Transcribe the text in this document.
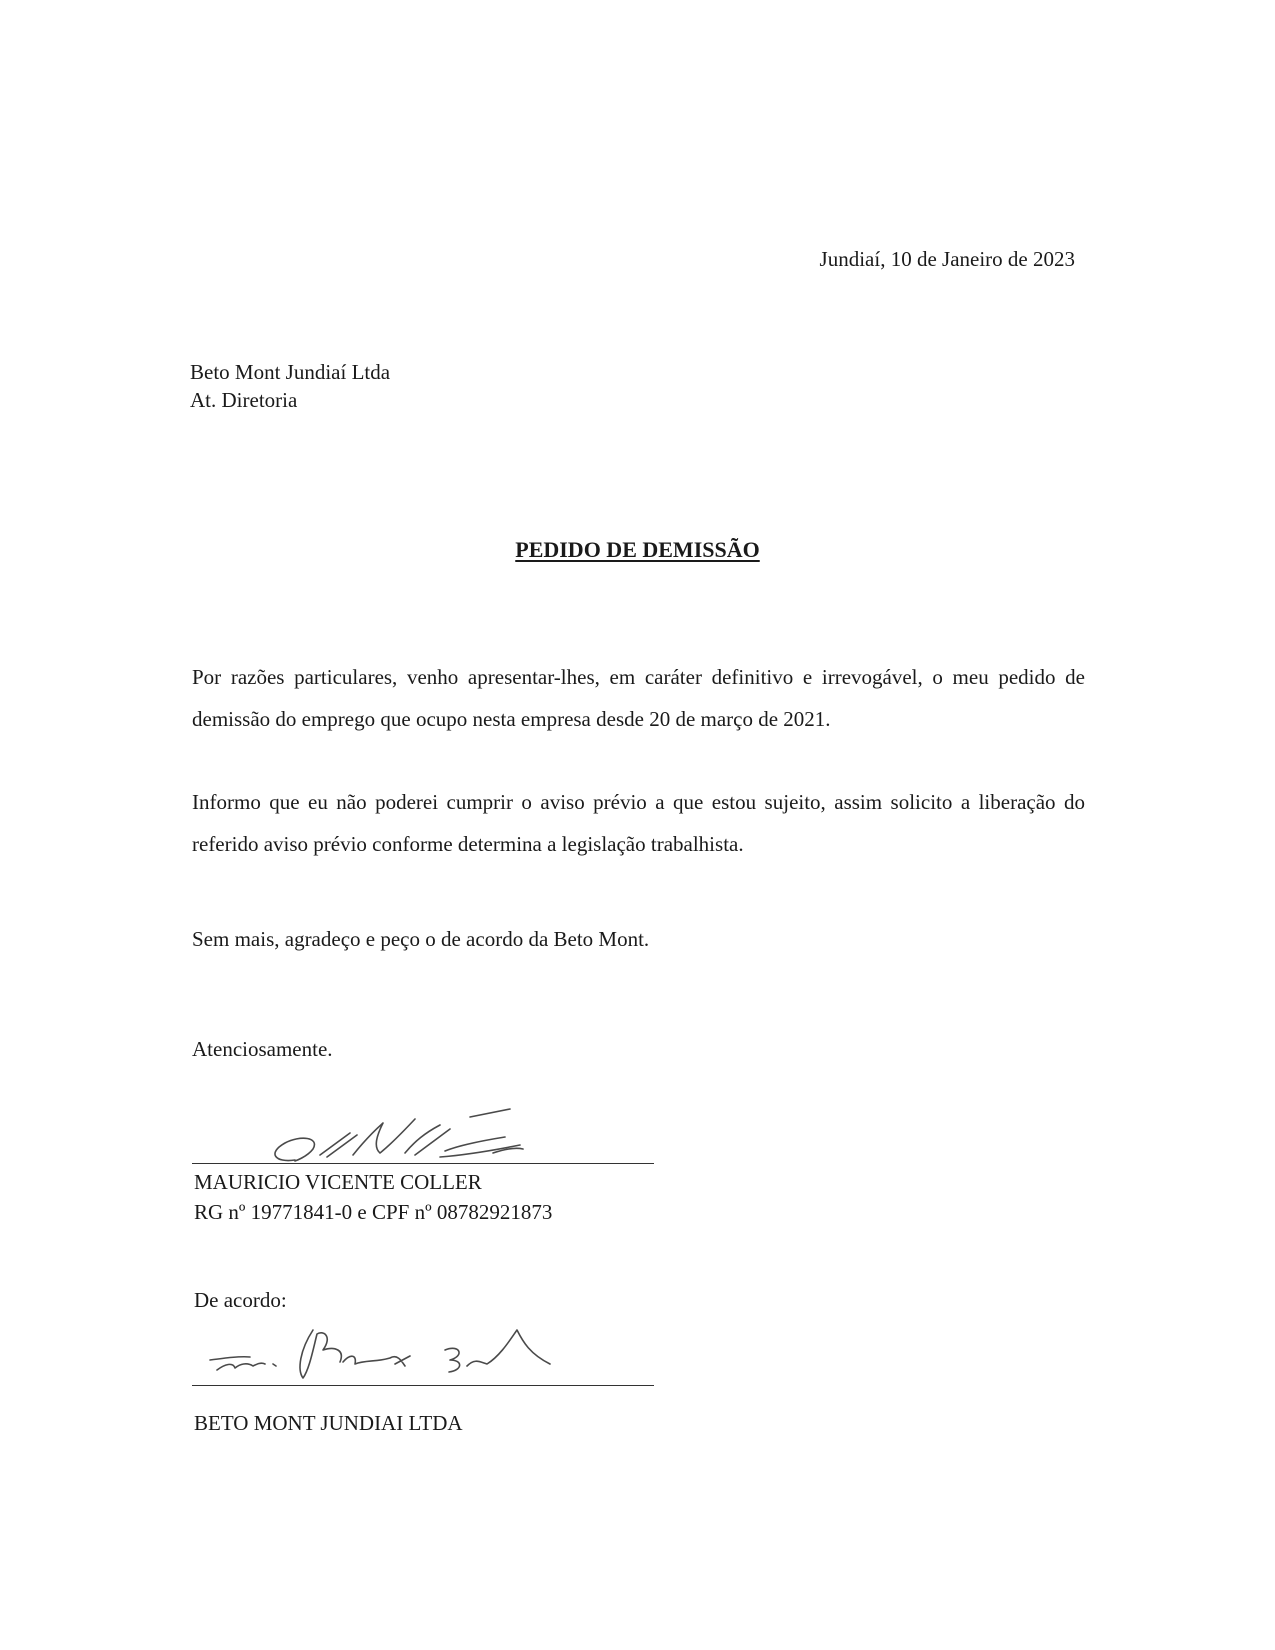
Jundiaí, 10 de Janeiro de 2023
Beto Mont Jundiaí Ltda
At. Diretoria
PEDIDO DE DEMISSÃO
Por razões particulares, venho apresentar-lhes, em caráter definitivo e irrevogável, o meu pedido de demissão do emprego que ocupo nesta empresa desde 20 de março de 2021.
Informo que eu não poderei cumprir o aviso prévio a que estou sujeito, assim solicito a liberação do referido aviso prévio conforme determina a legislação trabalhista.
Sem mais, agradeço e peço o de acordo da Beto Mont.
Atenciosamente.
MAURICIO VICENTE COLLER
RG nº 19771841-0 e CPF nº 08782921873
De acordo:
BETO MONT JUNDIAI LTDA
